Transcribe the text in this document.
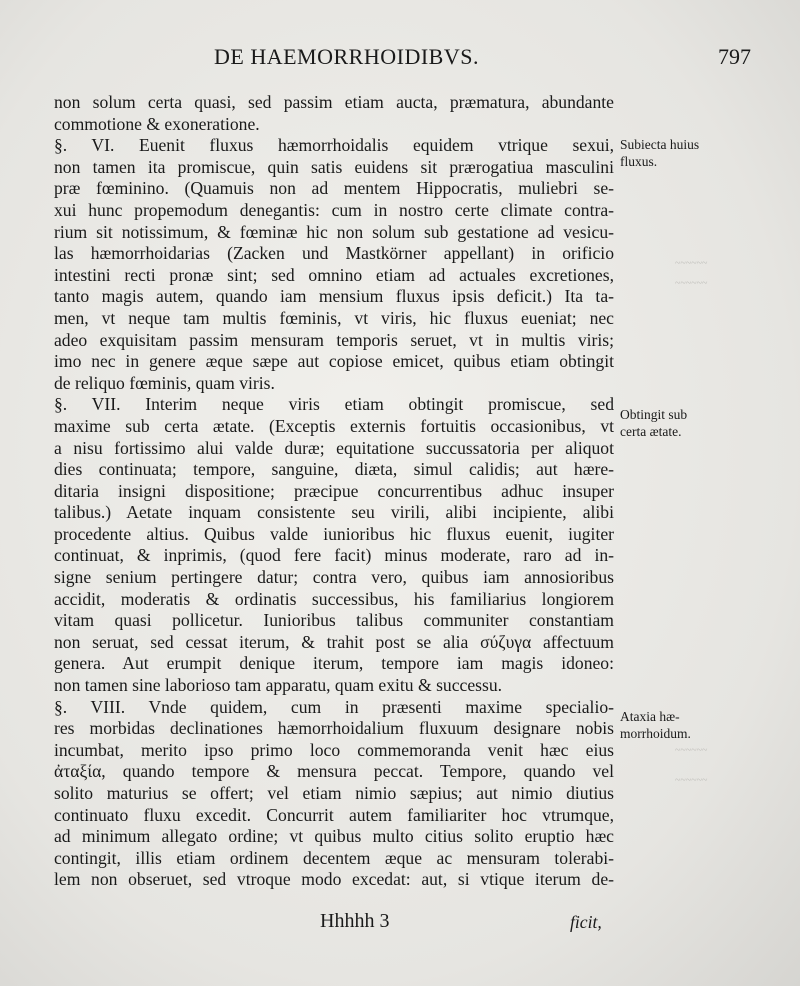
DE HAEMORRHOIDIBVS.	797
~~~~~~
~~~~~~
~~~~~~
~~~~~~
non solum certa quasi, sed passim etiam aucta, præmatura, abundante
commotione & exoneratione.
§. VI. Euenit fluxus hæmorrhoidalis equidem vtrique sexui,
non tamen ita promiscue, quin satis euidens sit prærogatiua masculini
præ fœminino. (Quamuis non ad mentem Hippocratis, muliebri se-
xui hunc propemodum denegantis: cum in nostro certe climate contra-
rium sit notissimum, & fœminæ hic non solum sub gestatione ad vesicu-
las hæmorrhoidarias (Zacken und Mastkörner appellant) in orificio
intestini recti pronæ sint; sed omnino etiam ad actuales excretiones,
tanto magis autem, quando iam mensium fluxus ipsis deficit.) Ita ta-
men, vt neque tam multis fœminis, vt viris, hic fluxus eueniat; nec
adeo exquisitam passim mensuram temporis seruet, vt in multis viris;
imo nec in genere æque sæpe aut copiose emicet, quibus etiam obtingit
de reliquo fœminis, quam viris.
§. VII. Interim neque viris etiam obtingit promiscue, sed
maxime sub certa ætate. (Exceptis externis fortuitis occasionibus, vt
a nisu fortissimo alui valde duræ; equitatione succussatoria per aliquot
dies continuata; tempore, sanguine, diæta, simul calidis; aut hære-
ditaria insigni dispositione; præcipue concurrentibus adhuc insuper
talibus.) Aetate inquam consistente seu virili, alibi incipiente, alibi
procedente altius. Quibus valde iunioribus hic fluxus euenit, iugiter
continuat, & inprimis, (quod fere facit) minus moderate, raro ad in-
signe senium pertingere datur; contra vero, quibus iam annosioribus
accidit, moderatis & ordinatis successibus, his familiarius longiorem
vitam quasi pollicetur. Iunioribus talibus communiter constantiam
non seruat, sed cessat iterum, & trahit post se alia σύζυγα affectuum
genera. Aut erumpit denique iterum, tempore iam magis idoneo:
non tamen sine laborioso tam apparatu, quam exitu & successu.
§. VIII. Vnde quidem, cum in præsenti maxime specialio-
res morbidas declinationes hæmorrhoidalium fluxuum designare nobis
incumbat, merito ipso primo loco commemoranda venit hæc eius
ἀταξία, quando tempore & mensura peccat. Tempore, quando vel
solito maturius se offert; vel etiam nimio sæpius; aut nimio diutius
continuato fluxu excedit. Concurrit autem familiariter hoc vtrumque,
ad minimum allegato ordine; vt quibus multo citius solito eruptio hæc
contingit, illis etiam ordinem decentem æque ac mensuram tolerabi-
lem non obseruet, sed vtroque modo excedat: aut, si vtique iterum de-
Subiecta huius
fluxus.
Obtingit sub
certa ætate.
Ataxia hæ-
morrhoidum.
Hhhhh 3	ficit,
